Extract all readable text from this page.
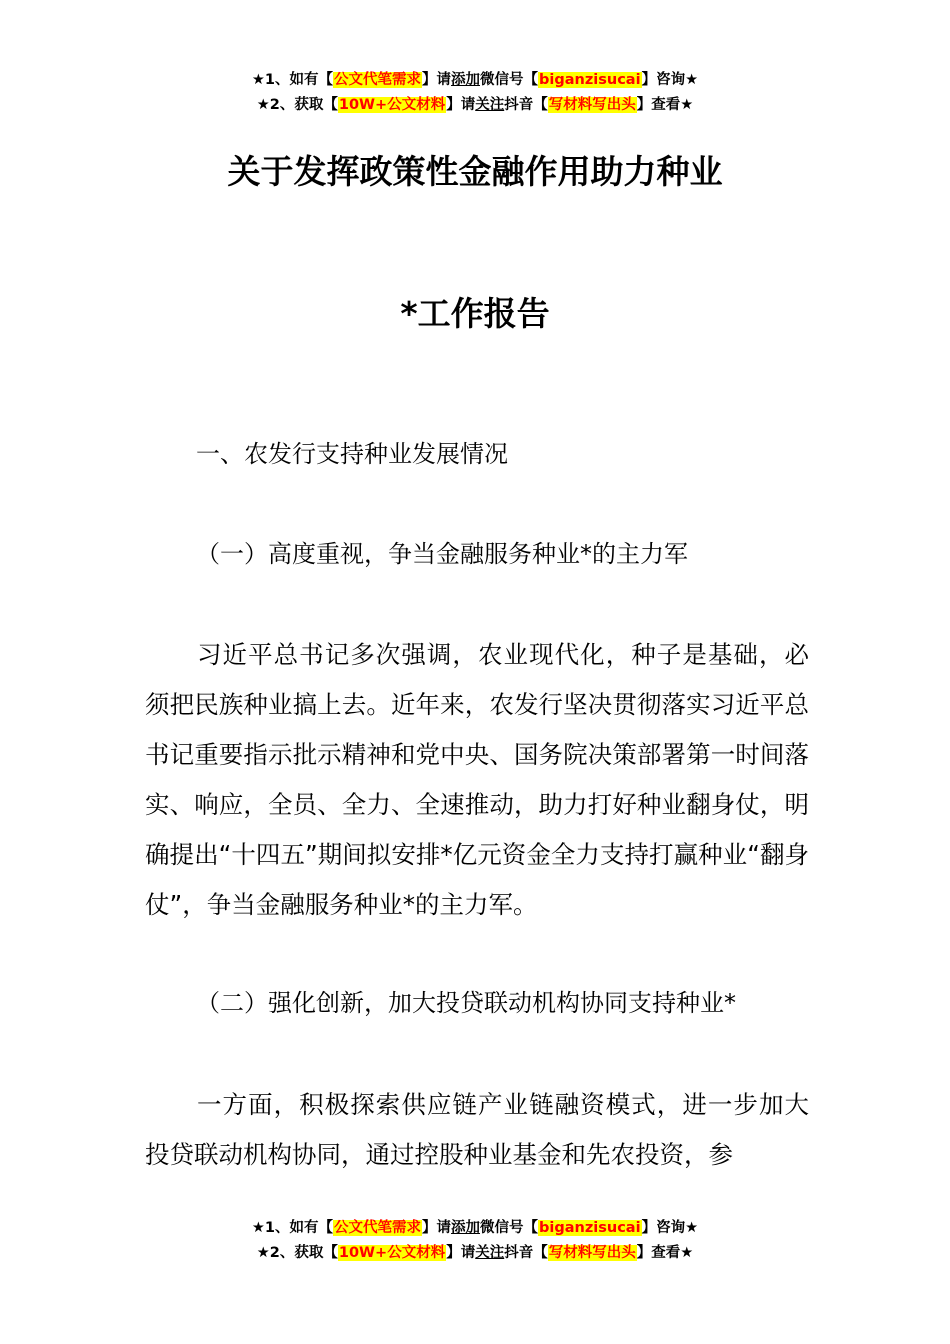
★1、如有【公文代笔需求】请添加微信号【biganzisucai】咨询★
★2、获取【10W+公文材料】请关注抖音【写材料写出头】查看★
关于发挥政策性金融作用助力种业
*工作报告
一、农发行支持种业发展情况
（一）高度重视，争当金融服务种业*的主力军
习近平总书记多次强调，农业现代化，种子是基础，必须把民族种业搞上去。近年来，农发行坚决贯彻落实习近平总书记重要指示批示精神和党中央、国务院决策部署第一时间落实、响应，全员、全力、全速推动，助力打好种业翻身仗，明确提出“十四五”期间拟安排*亿元资金全力支持打赢种业“翻身仗”，争当金融服务种业*的主力军。
（二）强化创新，加大投贷联动机构协同支持种业*
一方面，积极探索供应链产业链融资模式，进一步加大投贷联动机构协同，通过控股种业基金和先农投资，参
★1、如有【公文代笔需求】请添加微信号【biganzisucai】咨询★
★2、获取【10W+公文材料】请关注抖音【写材料写出头】查看★
